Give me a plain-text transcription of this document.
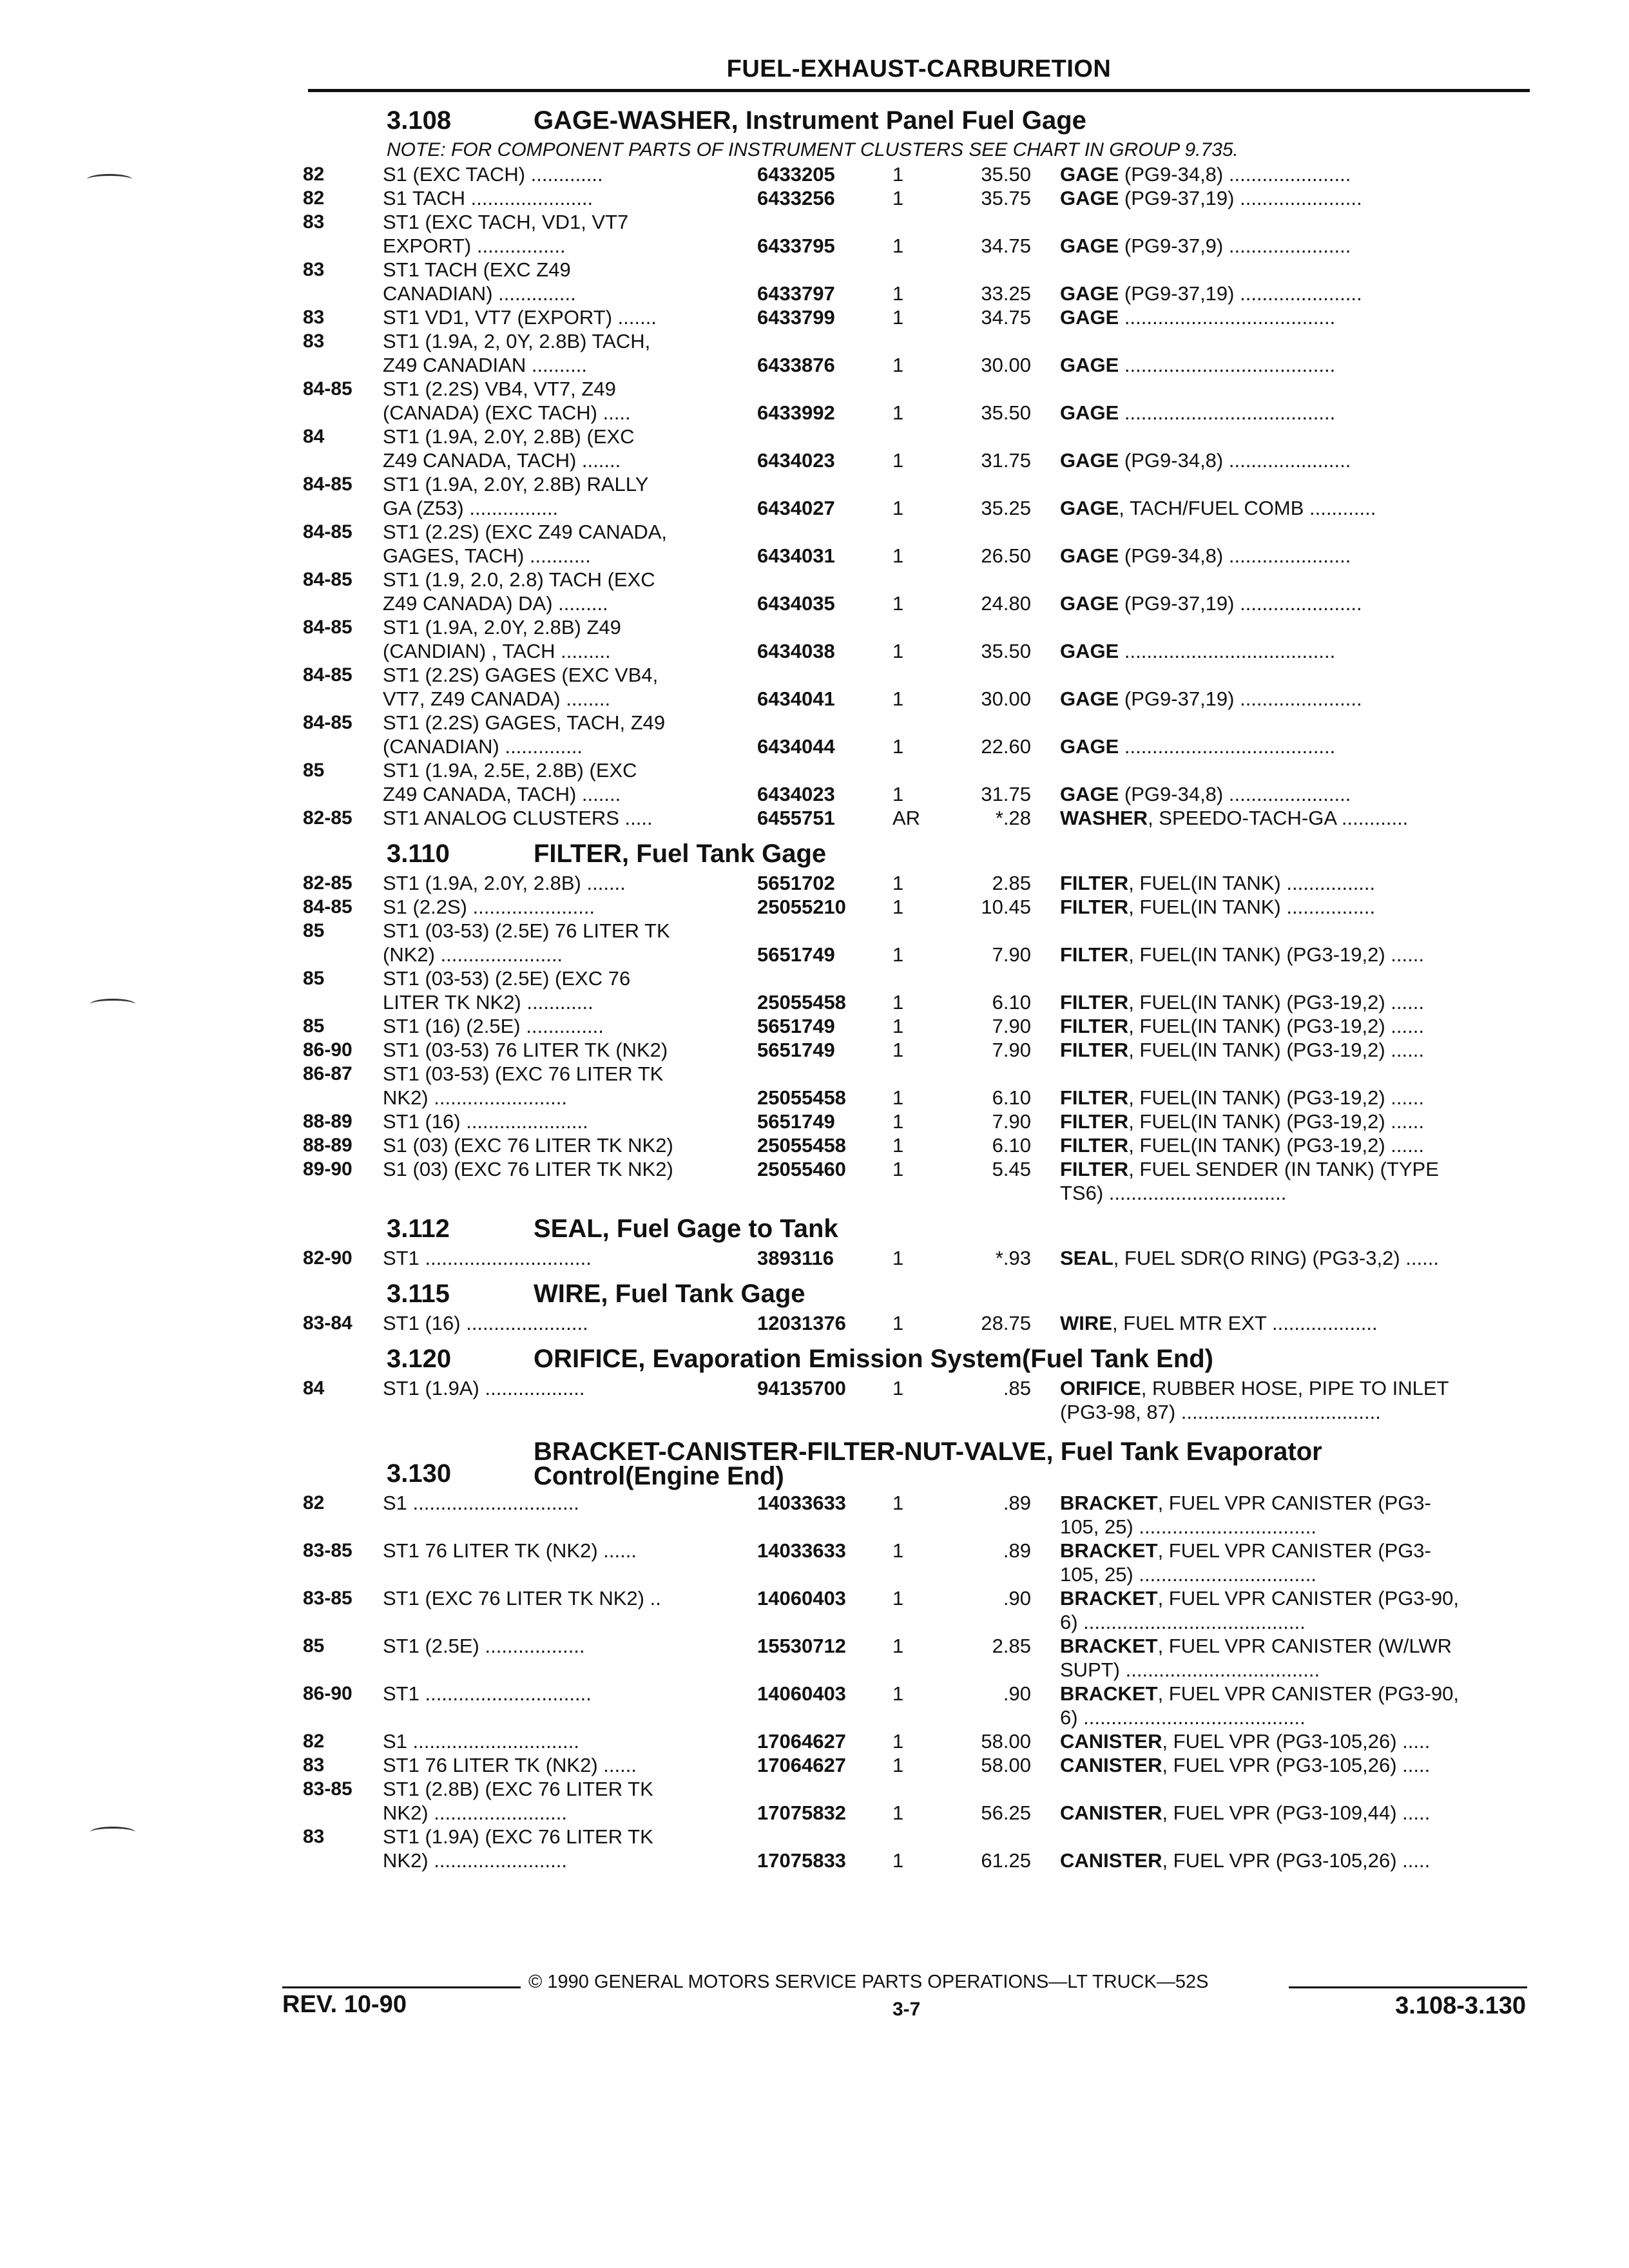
FUEL-EXHAUST-CARBURETION
3.108	GAGE-WASHER, Instrument Panel Fuel Gage
NOTE: FOR COMPONENT PARTS OF INSTRUMENT CLUSTERS SEE CHART IN GROUP 9.735.
82	S1 (EXC TACH) .............	6433205	1	35.50 GAGE (PG9-34,8) ......................
82	S1 TACH ......................	6433256	1	35.75 GAGE (PG9-37,19) ......................
83	ST1 (EXC TACH, VD1, VT7
EXPORT) ................	6433795	1	34.75 GAGE (PG9-37,9) ......................
83	ST1 TACH (EXC Z49
CANADIAN) ..............	6433797	1	33.25 GAGE (PG9-37,19) ......................
83	ST1 VD1, VT7 (EXPORT) .......	6433799	1	34.75 GAGE ......................................
83	ST1 (1.9A, 2, 0Y, 2.8B) TACH,
Z49 CANADIAN ..........	6433876	1	30.00 GAGE ......................................
84-85	ST1 (2.2S) VB4, VT7, Z49
(CANADA) (EXC TACH) .....	6433992	1	35.50 GAGE ......................................
84	ST1 (1.9A, 2.0Y, 2.8B) (EXC
Z49 CANADA, TACH) .......	6434023	1	31.75 GAGE (PG9-34,8) ......................
84-85	ST1 (1.9A, 2.0Y, 2.8B) RALLY
GA (Z53) ................	6434027	1	35.25 GAGE, TACH/FUEL COMB ............
84-85	ST1 (2.2S) (EXC Z49 CANADA,
GAGES, TACH) ...........	6434031	1	26.50 GAGE (PG9-34,8) ......................
84-85	ST1 (1.9, 2.0, 2.8) TACH (EXC
Z49 CANADA) DA) .........	6434035	1	24.80 GAGE (PG9-37,19) ......................
84-85	ST1 (1.9A, 2.0Y, 2.8B) Z49
(CANDIAN) , TACH .........	6434038	1	35.50 GAGE ......................................
84-85	ST1 (2.2S) GAGES (EXC VB4,
VT7, Z49 CANADA) ........	6434041	1	30.00 GAGE (PG9-37,19) ......................
84-85	ST1 (2.2S) GAGES, TACH, Z49
(CANADIAN) ..............	6434044	1	22.60 GAGE ......................................
85	ST1 (1.9A, 2.5E, 2.8B) (EXC
Z49 CANADA, TACH) .......	6434023	1	31.75 GAGE (PG9-34,8) ......................
82-85	ST1 ANALOG CLUSTERS .....	6455751	AR	*.28 WASHER, SPEEDO-TACH-GA ............
3.110	FILTER, Fuel Tank Gage
82-85	ST1 (1.9A, 2.0Y, 2.8B) .......	5651702	1	2.85 FILTER, FUEL(IN TANK) ................
84-85	S1 (2.2S) ......................	25055210	1	10.45 FILTER, FUEL(IN TANK) ................
85	ST1 (03-53) (2.5E) 76 LITER TK
(NK2) ......................	5651749	1	7.90 FILTER, FUEL(IN TANK) (PG3-19,2) ......
85	ST1 (03-53) (2.5E) (EXC 76
LITER TK NK2) ............	25055458	1	6.10 FILTER, FUEL(IN TANK) (PG3-19,2) ......
85	ST1 (16) (2.5E) ..............	5651749	1	7.90 FILTER, FUEL(IN TANK) (PG3-19,2) ......
86-90	ST1 (03-53) 76 LITER TK (NK2)	5651749	1	7.90 FILTER, FUEL(IN TANK) (PG3-19,2) ......
86-87	ST1 (03-53) (EXC 76 LITER TK
NK2) ........................	25055458	1	6.10 FILTER, FUEL(IN TANK) (PG3-19,2) ......
88-89	ST1 (16) ......................	5651749	1	7.90 FILTER, FUEL(IN TANK) (PG3-19,2) ......
88-89	S1 (03) (EXC 76 LITER TK NK2)	25055458	1	6.10 FILTER, FUEL(IN TANK) (PG3-19,2) ......
89-90	S1 (03) (EXC 76 LITER TK NK2)	25055460	1	5.45 FILTER, FUEL SENDER (IN TANK) (TYPE
TS6) ................................
3.112	SEAL, Fuel Gage to Tank
82-90	ST1 ..............................	3893116	1	*.93 SEAL, FUEL SDR(O RING) (PG3-3,2) ......
3.115	WIRE, Fuel Tank Gage
83-84	ST1 (16) ......................	12031376	1	28.75 WIRE, FUEL MTR EXT ...................
3.120	ORIFICE, Evaporation Emission System(Fuel Tank End)
84	ST1 (1.9A) ..................	94135700	1	.85 ORIFICE, RUBBER HOSE, PIPE TO INLET
(PG3-98, 87) ....................................
3.130
BRACKET-CANISTER-FILTER-NUT-VALVE, Fuel Tank Evaporator Control(Engine End)
82	S1 ..............................	14033633	1	.89 BRACKET, FUEL VPR CANISTER (PG3-
105, 25) ................................
83-85	ST1 76 LITER TK (NK2) ......	14033633	1	.89 BRACKET, FUEL VPR CANISTER (PG3-
105, 25) ................................
83-85	ST1 (EXC 76 LITER TK NK2) ..	14060403	1	.90 BRACKET, FUEL VPR CANISTER (PG3-90,
6) ........................................
85	ST1 (2.5E) ..................	15530712	1	2.85 BRACKET, FUEL VPR CANISTER (W/LWR
SUPT) ...................................
86-90	ST1 ..............................	14060403	1	.90 BRACKET, FUEL VPR CANISTER (PG3-90,
6) ........................................
82	S1 ..............................	17064627	1	58.00 CANISTER, FUEL VPR (PG3-105,26) .....
83	ST1 76 LITER TK (NK2) ......	17064627	1	58.00 CANISTER, FUEL VPR (PG3-105,26) .....
83-85	ST1 (2.8B) (EXC 76 LITER TK
NK2) ........................	17075832	1	56.25 CANISTER, FUEL VPR (PG3-109,44) .....
83	ST1 (1.9A) (EXC 76 LITER TK
NK2) ........................	17075833	1	61.25 CANISTER, FUEL VPR (PG3-105,26) .....
© 1990 GENERAL MOTORS SERVICE PARTS OPERATIONS—LT TRUCK—52S
REV. 10-90	3-7	3.108-3.130
